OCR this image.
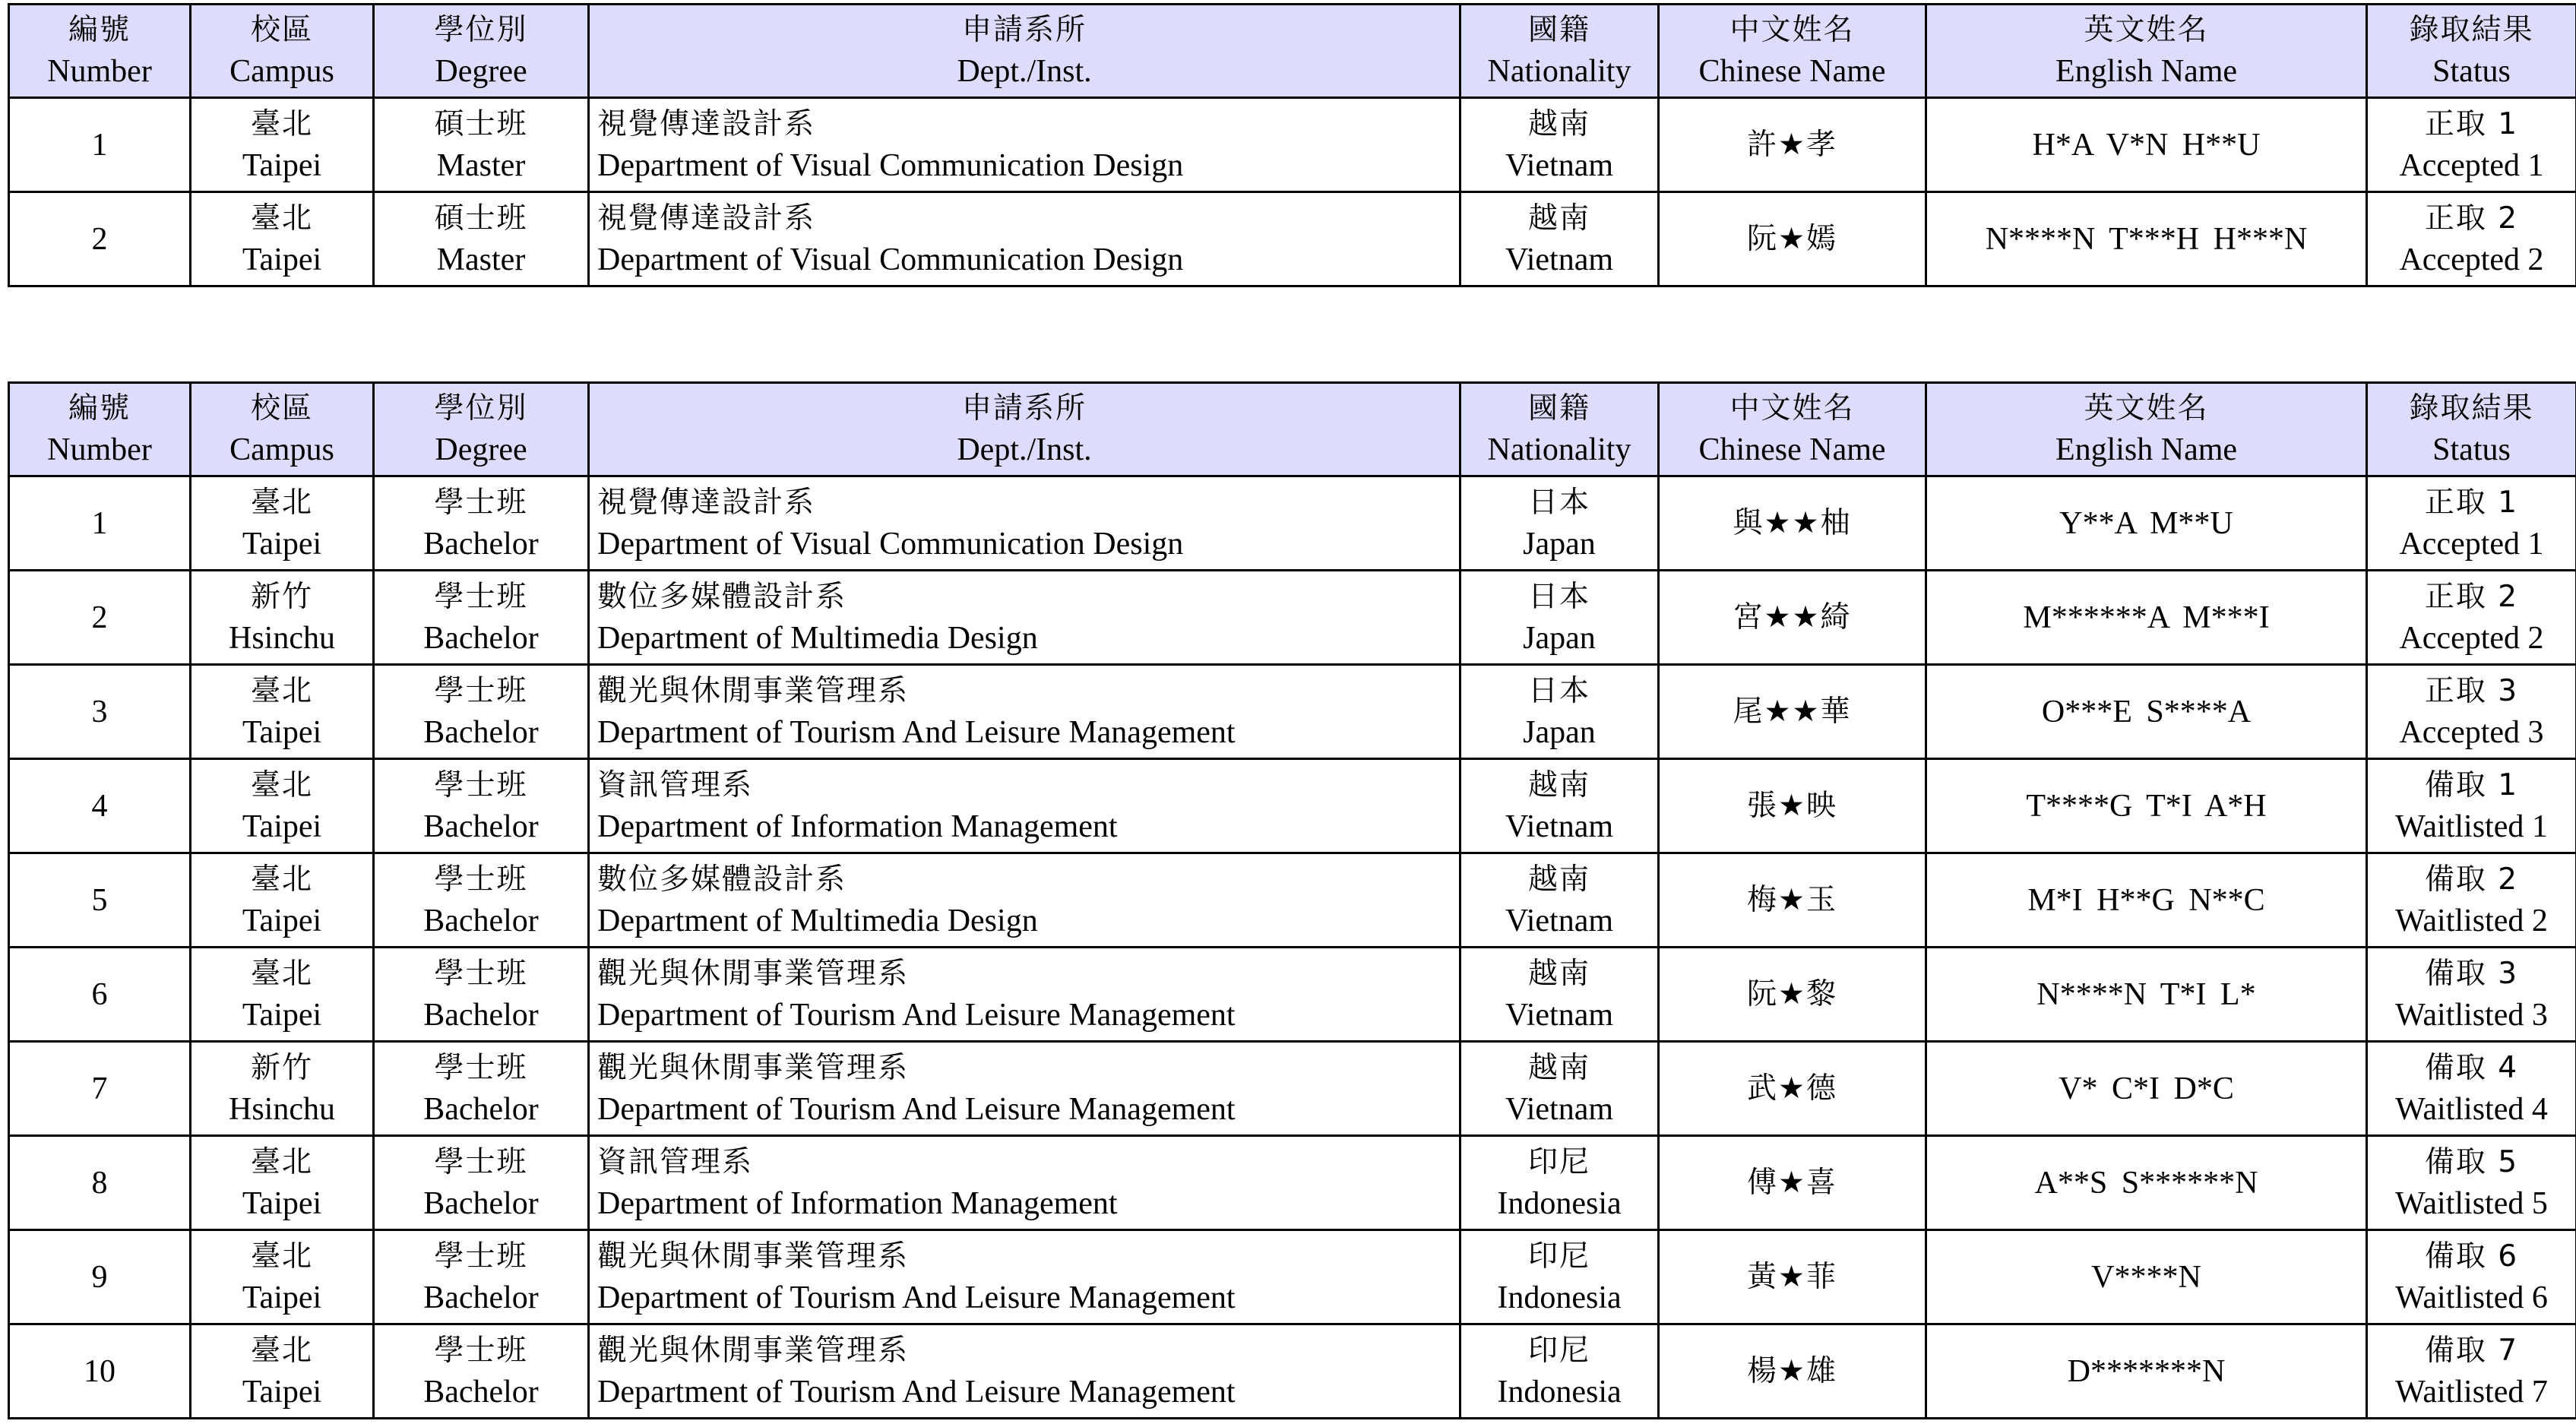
編號
Number	校區
Campus	學位別
Degree	申請系所
Dept./Inst.	國籍
Nationality	中文姓名
Chinese Name	英文姓名
English Name	錄取結果
Status

1	臺北
Taipei	碩士班
Master	視覺傳達設計系
Department of Visual Communication Design	越南
Vietnam	許★孝	H*A V*N H**U	正取 1
Accepted 1

2	臺北
Taipei	碩士班
Master	視覺傳達設計系
Department of Visual Communication Design	越南
Vietnam	阮★嫣	N****N T***H H***N	正取 2
Accepted 2
編號
Number	校區
Campus	學位別
Degree	申請系所
Dept./Inst.	國籍
Nationality	中文姓名
Chinese Name	英文姓名
English Name	錄取結果
Status

1	臺北
Taipei	學士班
Bachelor	視覺傳達設計系
Department of Visual Communication Design	日本
Japan	與★★柚	Y**A M**U	正取 1
Accepted 1

2	新竹
Hsinchu	學士班
Bachelor	數位多媒體設計系
Department of Multimedia Design	日本
Japan	宮★★綺	M******A M***I	正取 2
Accepted 2

3	臺北
Taipei	學士班
Bachelor	觀光與休閒事業管理系
Department of Tourism And Leisure Management	日本
Japan	尾★★華	O***E S****A	正取 3
Accepted 3

4	臺北
Taipei	學士班
Bachelor	資訊管理系
Department of Information Management	越南
Vietnam	張★映	T****G T*I A*H	備取 1
Waitlisted 1

5	臺北
Taipei	學士班
Bachelor	數位多媒體設計系
Department of Multimedia Design	越南
Vietnam	梅★玉	M*I H**G N**C	備取 2
Waitlisted 2

6	臺北
Taipei	學士班
Bachelor	觀光與休閒事業管理系
Department of Tourism And Leisure Management	越南
Vietnam	阮★黎	N****N T*I L*	備取 3
Waitlisted 3

7	新竹
Hsinchu	學士班
Bachelor	觀光與休閒事業管理系
Department of Tourism And Leisure Management	越南
Vietnam	武★德	V* C*I D*C	備取 4
Waitlisted 4

8	臺北
Taipei	學士班
Bachelor	資訊管理系
Department of Information Management	印尼
Indonesia	傅★喜	A**S S******N	備取 5
Waitlisted 5

9	臺北
Taipei	學士班
Bachelor	觀光與休閒事業管理系
Department of Tourism And Leisure Management	印尼
Indonesia	黃★菲	V****N	備取 6
Waitlisted 6

10	臺北
Taipei	學士班
Bachelor	觀光與休閒事業管理系
Department of Tourism And Leisure Management	印尼
Indonesia	楊★雄	D*******N	備取 7
Waitlisted 7
